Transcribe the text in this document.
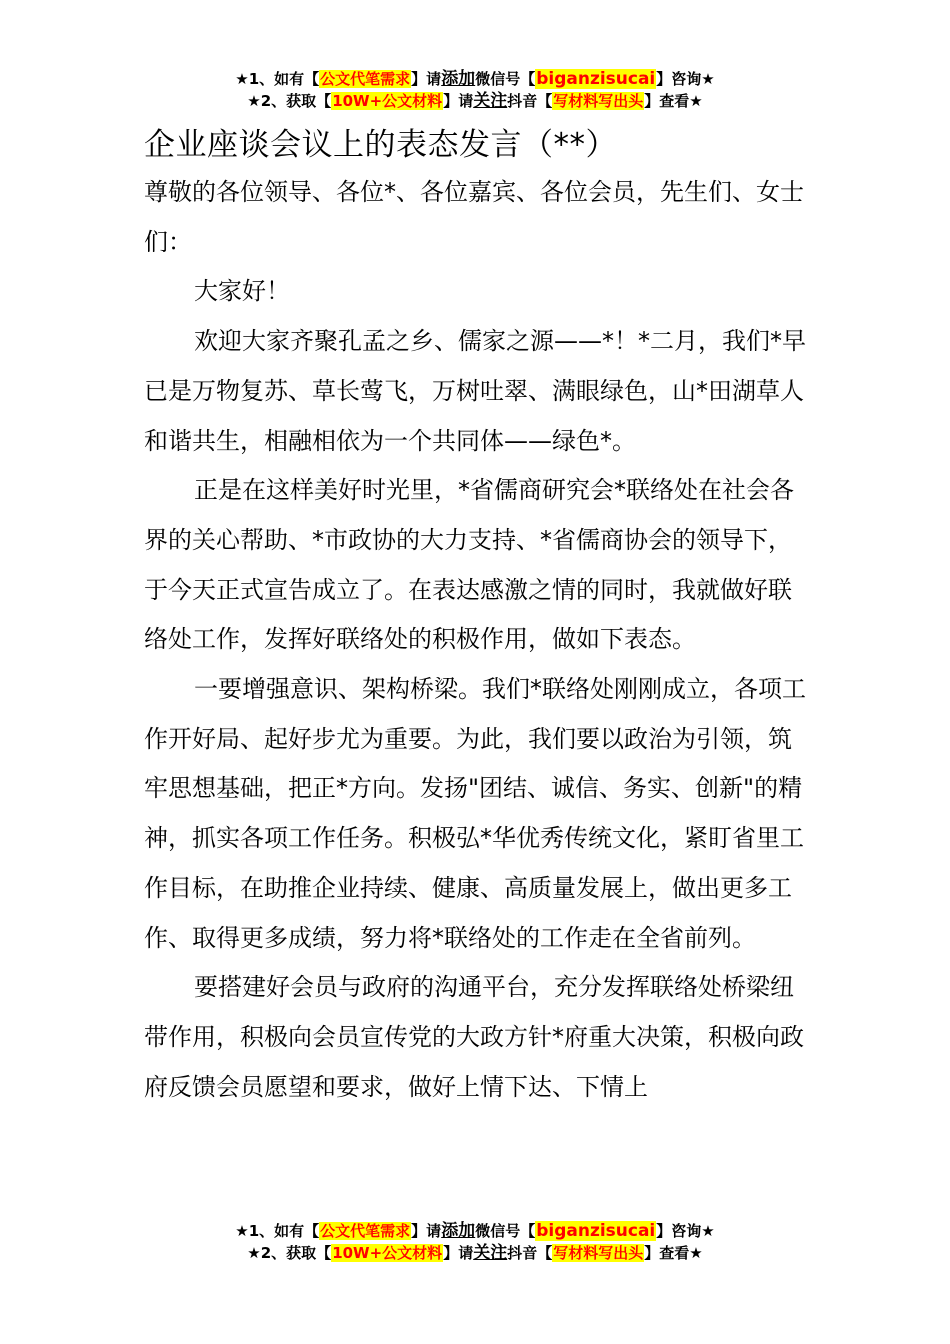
★1、如有【公文代笔需求】请添加微信号【biganzisucai】咨询★
★2、获取【10W+公文材料】请关注抖音【写材料写出头】查看★
企业座谈会议上的表态发言（**）

尊敬的各位领导、各位*、各位嘉宾、各位会员，先生们、女士们：

大家好！

欢迎大家齐聚孔孟之乡、儒家之源——*！*二月，我们*早已是万物复苏、草长莺飞，万树吐翠、满眼绿色，山*田湖草人和谐共生，相融相依为一个共同体——绿色*。

正是在这样美好时光里，*省儒商研究会*联络处在社会各界的关心帮助、*市政协的大力支持、*省儒商协会的领导下，于今天正式宣告成立了。在表达感激之情的同时，我就做好联络处工作，发挥好联络处的积极作用，做如下表态。

一要增强意识、架构桥梁。我们*联络处刚刚成立，各项工作开好局、起好步尤为重要。为此，我们要以政治为引领，筑牢思想基础，把正*方向。发扬"团结、诚信、务实、创新"的精神，抓实各项工作任务。积极弘*华优秀传统文化，紧盯省里工作目标，在助推企业持续、健康、高质量发展上，做出更多工作、取得更多成绩，努力将*联络处的工作走在全省前列。

要搭建好会员与政府的沟通平台，充分发挥联络处桥梁纽带作用，积极向会员宣传党的大政方针*府重大决策，积极向政府反馈会员愿望和要求，做好上情下达、下情上

★1、如有【公文代笔需求】请添加微信号【biganzisucai】咨询★
★2、获取【10W+公文材料】请关注抖音【写材料写出头】查看★
